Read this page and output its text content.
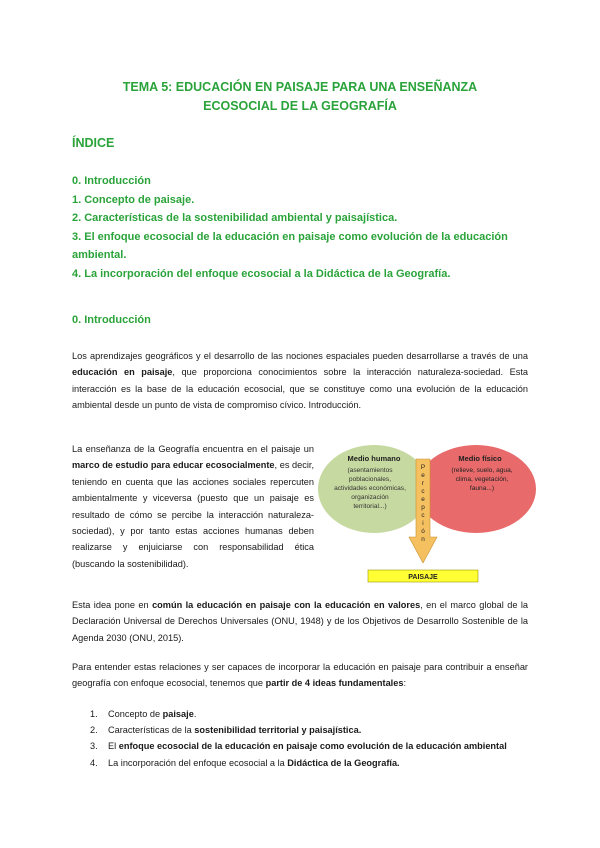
TEMA 5: EDUCACIÓN EN PAISAJE PARA UNA ENSEÑANZA
ECOSOCIAL DE LA GEOGRAFÍA
ÍNDICE
0. Introducción
1. Concepto de paisaje.
2. Características de la sostenibilidad ambiental y paisajística.
3. El enfoque ecosocial de la educación en paisaje como evolución de la educación
ambiental.
4. La incorporación del enfoque ecosocial a la Didáctica de la Geografía.
0. Introducción
Los aprendizajes geográficos y el desarrollo de las nociones espaciales pueden desarrollarse a través de una educación en paisaje, que proporciona conocimientos sobre la interacción naturaleza-sociedad. Esta interacción es la base de la educación ecosocial, que se constituye como una evolución de la educación ambiental desde un punto de vista de compromiso cívico. Introducción.
La enseñanza de la Geografía encuentra en el paisaje un marco de estudio para educar ecosocialmente, es decir, teniendo en cuenta que las acciones sociales repercuten ambientalmente y viceversa (puesto que un paisaje es resultado de cómo se percibe la interacción naturaleza-sociedad), y por tanto estas acciones humanas deben realizarse y enjuiciarse con responsabilidad ética (buscando la sostenibilidad).
Medio humano
(asentamientos
poblacionales,
actividades económicas,
organización
territorial...)
Medio físico
(relieve, suelo, agua,
clima, vegetación,
fauna...)
P
e
r
c
e
p
c
i
ó
n
PAISAJE
Esta idea pone en común la educación en paisaje con la educación en valores, en el marco global de la Declaración Universal de Derechos Universales (ONU, 1948) y de los Objetivos de Desarrollo Sostenible de la Agenda 2030 (ONU, 2015).
Para entender estas relaciones y ser capaces de incorporar la educación en paisaje para contribuir a enseñar geografía con enfoque ecosocial, tenemos que partir de 4 ideas fundamentales:
1. Concepto de paisaje.
2. Características de la sostenibilidad territorial y paisajística.
3. El enfoque ecosocial de la educación en paisaje como evolución de la educación ambiental
4. La incorporación del enfoque ecosocial a la Didáctica de la Geografía.
